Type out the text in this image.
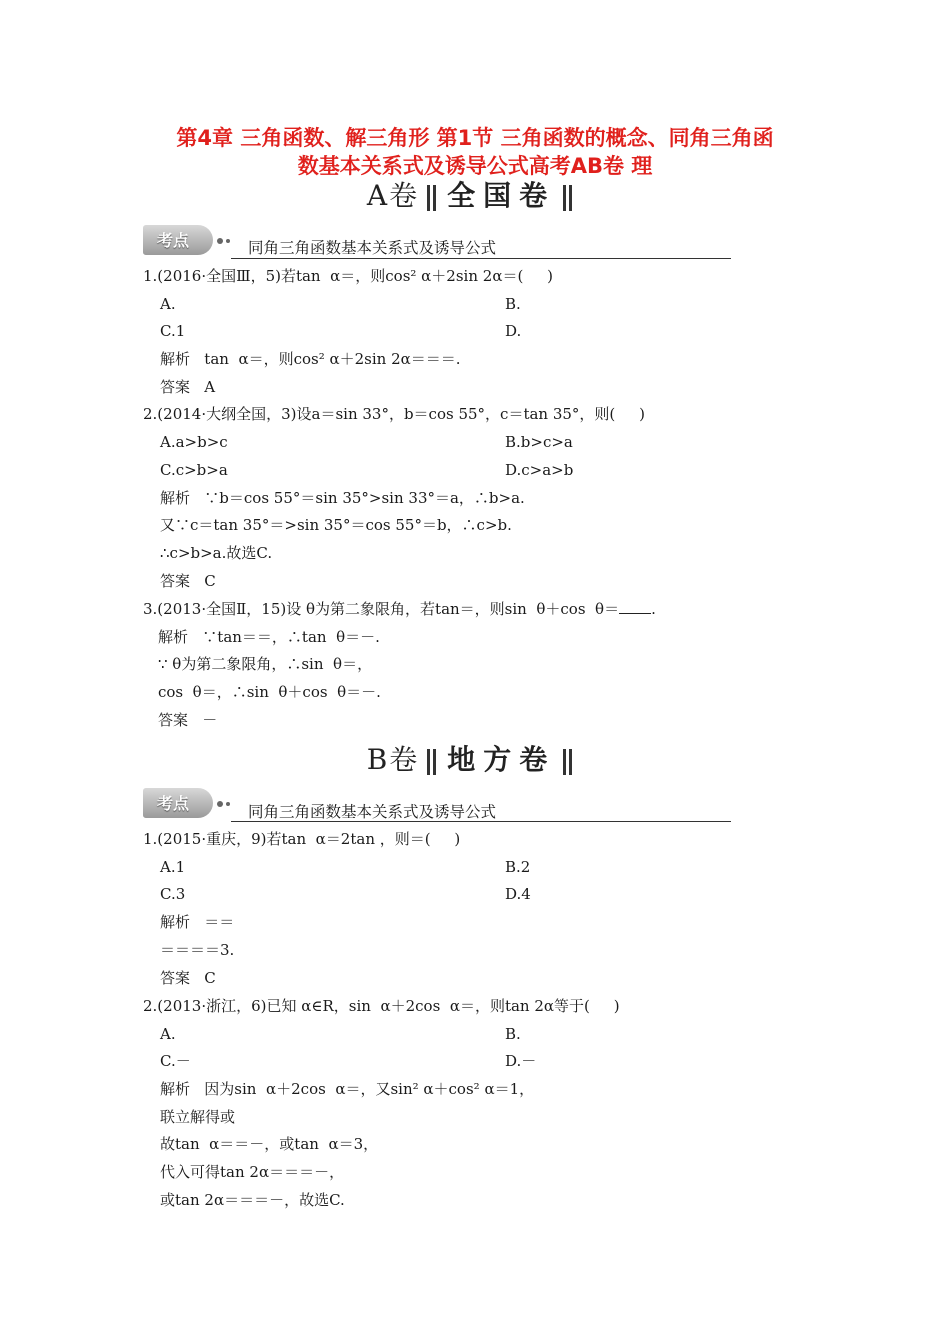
第4章 三角函数、解三角形 第1节 三角函数的概念、同角三角函
数基本关系式及诱导公式高考AB卷 理
A卷 全国卷
考点	同角三角函数基本关系式及诱导公式
1.(2016·全国Ⅲ，5)若tan  α＝，则cos² α＋2sin 2α＝(     )
A.	B.
C.1	D.
解析   tan  α＝，则cos² α＋2sin 2α＝＝＝.
答案   A
2.(2014·大纲全国，3)设a＝sin 33°，b＝cos 55°，c＝tan 35°，则(     )
A.a>b>c	B.b>c>a
C.c>b>a	D.c>a>b
解析   ∵b＝cos 55°＝sin 35°>sin 33°＝a，∴b>a.
又∵c＝tan 35°＝>sin 35°＝cos 55°＝b，∴c>b.
∴c>b>a.故选C.
答案   C
3.(2013·全国Ⅱ，15)设 θ为第二象限角，若tan＝，则sin  θ＋cos  θ＝ .
解析   ∵tan＝＝，∴tan  θ＝－.
∵ θ为第二象限角，∴sin  θ＝，
cos  θ＝，∴sin  θ＋cos  θ＝－.
答案   －
B卷 地方卷
考点	同角三角函数基本关系式及诱导公式
1.(2015·重庆，9)若tan  α＝2tan ，则＝(     )
A.1	B.2
C.3	D.4
解析   ＝＝
＝＝＝＝3.
答案   C
2.(2013·浙江，6)已知 α∈R，sin  α＋2cos  α＝，则tan 2α等于(     )
A.	B.
C.－	D.－
解析   因为sin  α＋2cos  α＝，又sin² α＋cos² α＝1，
联立解得或
故tan  α＝＝－，或tan  α＝3，
代入可得tan 2α＝＝＝－，
或tan 2α＝＝＝－，故选C.
